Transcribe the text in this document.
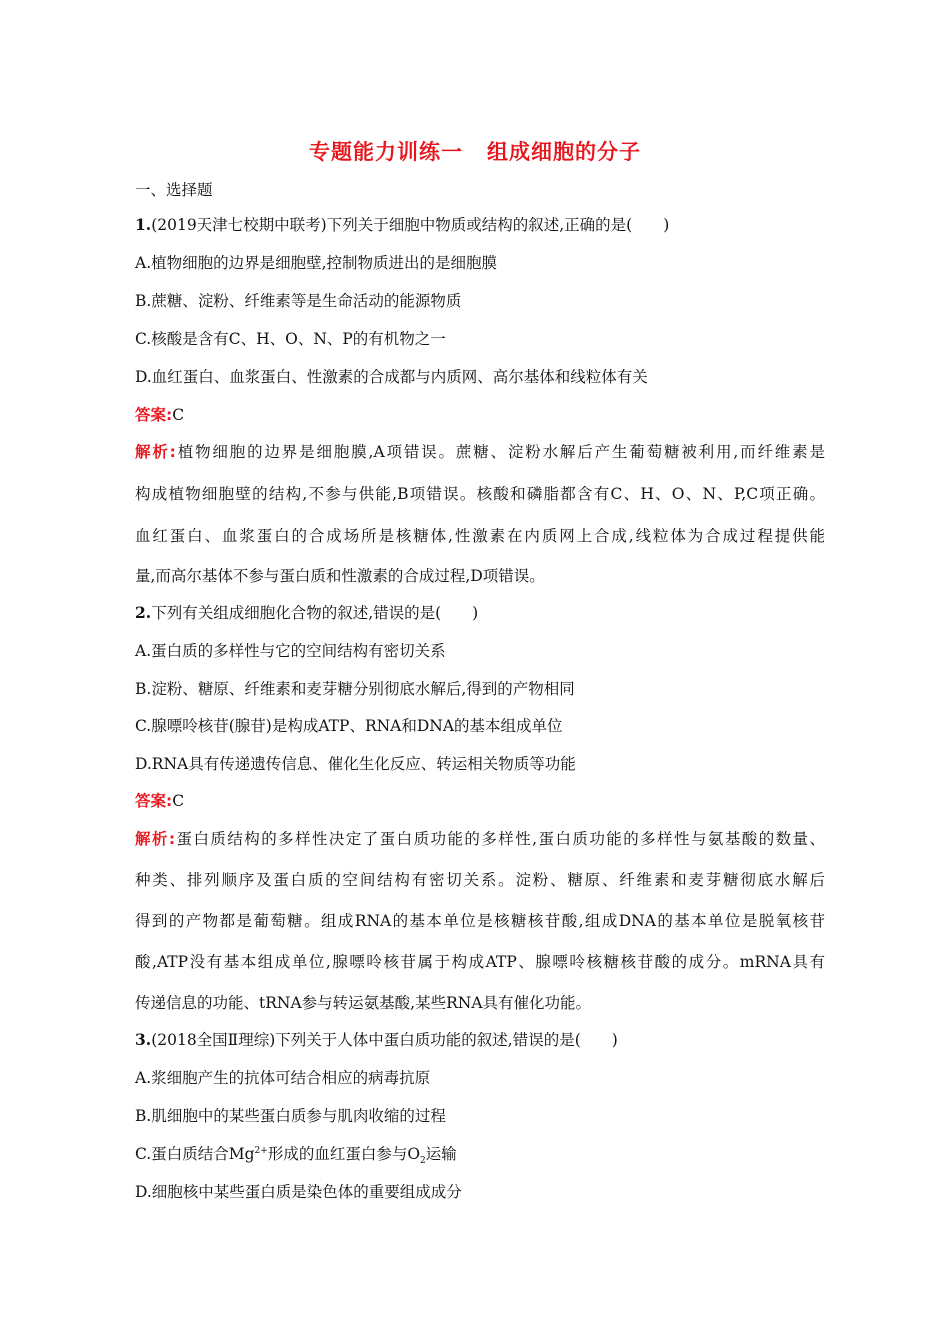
专题能力训练一 组成细胞的分子
一、选择题
1.(2019天津七校期中联考)下列关于细胞中物质或结构的叙述,正确的是(　　)
A.植物细胞的边界是细胞壁,控制物质进出的是细胞膜
B.蔗糖、淀粉、纤维素等是生命活动的能源物质
C.核酸是含有C、H、O、N、P的有机物之一
D.血红蛋白、血浆蛋白、性激素的合成都与内质网、高尔基体和线粒体有关
答案:C
解析:植物细胞的边界是细胞膜,A项错误。蔗糖、淀粉水解后产生葡萄糖被利用,而纤维素是
构成植物细胞壁的结构,不参与供能,B项错误。核酸和磷脂都含有C、H、O、N、P,C项正确。
血红蛋白、血浆蛋白的合成场所是核糖体,性激素在内质网上合成,线粒体为合成过程提供能
量,而高尔基体不参与蛋白质和性激素的合成过程,D项错误。
2.下列有关组成细胞化合物的叙述,错误的是(　　)
A.蛋白质的多样性与它的空间结构有密切关系
B.淀粉、糖原、纤维素和麦芽糖分别彻底水解后,得到的产物相同
C.腺嘌呤核苷(腺苷)是构成ATP、RNA和DNA的基本组成单位
D.RNA具有传递遗传信息、催化生化反应、转运相关物质等功能
答案:C
解析:蛋白质结构的多样性决定了蛋白质功能的多样性,蛋白质功能的多样性与氨基酸的数量、
种类、排列顺序及蛋白质的空间结构有密切关系。淀粉、糖原、纤维素和麦芽糖彻底水解后
得到的产物都是葡萄糖。组成RNA的基本单位是核糖核苷酸,组成DNA的基本单位是脱氧核苷
酸,ATP没有基本组成单位,腺嘌呤核苷属于构成ATP、腺嘌呤核糖核苷酸的成分。mRNA具有
传递信息的功能、tRNA参与转运氨基酸,某些RNA具有催化功能。
3.(2018全国Ⅱ理综)下列关于人体中蛋白质功能的叙述,错误的是(　　)
A.浆细胞产生的抗体可结合相应的病毒抗原
B.肌细胞中的某些蛋白质参与肌肉收缩的过程
C.蛋白质结合$Mg^{2+}$形成的血红蛋白参与$O_2$运输
D.细胞核中某些蛋白质是染色体的重要组成成分
